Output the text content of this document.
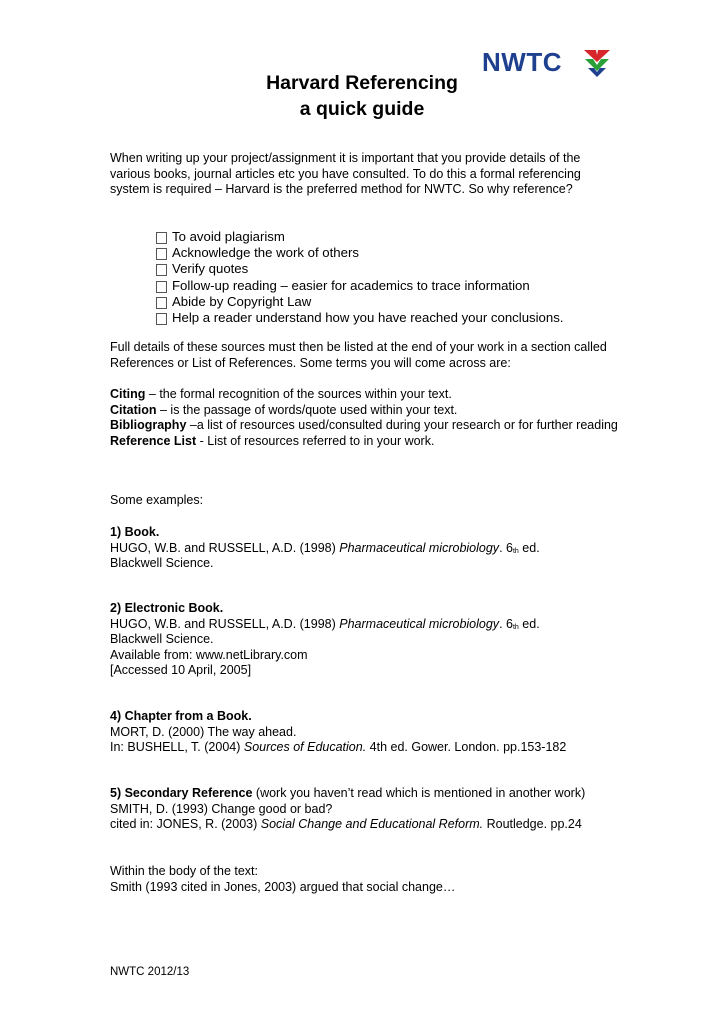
NWTC
Harvard Referencing
a quick guide
When writing up your project/assignment it is important that you provide details of the various books, journal articles etc you have consulted. To do this a formal referencing system is required – Harvard is the preferred method for NWTC. So why reference?
To avoid plagiarism
Acknowledge the work of others
Verify quotes
Follow-up reading – easier for academics to trace information
Abide by Copyright Law
Help a reader understand how you have reached your conclusions.
Full details of these sources must then be listed at the end of your work in a section called References or List of References. Some terms you will come across are:
Citing – the formal recognition of the sources within your text.
Citation – is the passage of words/quote used within your text.
Bibliography –a list of resources used/consulted during your research or for further reading
Reference List - List of resources referred to in your work.
Some examples:
1) Book.
HUGO, W.B. and RUSSELL, A.D. (1998) Pharmaceutical microbiology. $6_{th}$ ed.
Blackwell Science.
2) Electronic Book.
HUGO, W.B. and RUSSELL, A.D. (1998) Pharmaceutical microbiology. $6_{th}$ ed.
Blackwell Science.
Available from: www.netLibrary.com
[Accessed 10 April, 2005]
4) Chapter from a Book.
MORT, D. (2000) The way ahead.
In: BUSHELL, T. (2004) Sources of Education. 4th ed. Gower. London. pp.153-182
5) Secondary Reference (work you haven’t read which is mentioned in another work) SMITH, D. (1993) Change good or bad?
cited in: JONES, R. (2003) Social Change and Educational Reform. Routledge. pp.24
Within the body of the text:
Smith (1993 cited in Jones, 2003) argued that social change…
NWTC 2012/13
